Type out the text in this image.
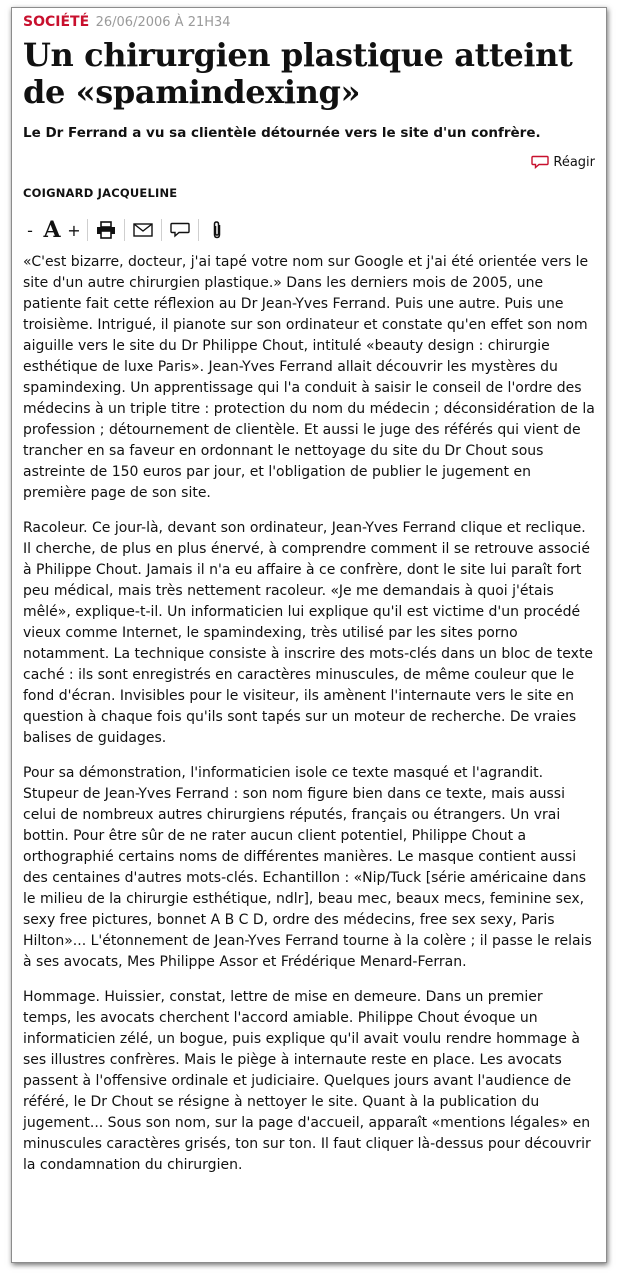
SOCIÉTÉ 26/06/2006 À 21H34
Un chirurgien plastique atteint de «spamindexing»
Le Dr Ferrand a vu sa clientèle détournée vers le site d'un confrère.
Réagir
COIGNARD JACQUELINE
- A +

«C'est bizarre, docteur, j'ai tapé votre nom sur Google et j'ai été orientée vers le site d'un autre chirurgien plastique.» Dans les derniers mois de 2005, une patiente fait cette réflexion au Dr Jean-Yves Ferrand. Puis une autre. Puis une troisième. Intrigué, il pianote sur son ordinateur et constate qu'en effet son nom aiguille vers le site du Dr Philippe Chout, intitulé «beauty design : chirurgie esthétique de luxe Paris». Jean-Yves Ferrand allait découvrir les mystères du spamindexing. Un apprentissage qui l'a conduit à saisir le conseil de l'ordre des médecins à un triple titre : protection du nom du médecin ; déconsidération de la profession ; détournement de clientèle. Et aussi le juge des référés qui vient de trancher en sa faveur en ordonnant le nettoyage du site du Dr Chout sous astreinte de 150 euros par jour, et l'obligation de publier le jugement en première page de son site.

Racoleur. Ce jour-là, devant son ordinateur, Jean-Yves Ferrand clique et reclique. Il cherche, de plus en plus énervé, à comprendre comment il se retrouve associé à Philippe Chout. Jamais il n'a eu affaire à ce confrère, dont le site lui paraît fort peu médical, mais très nettement racoleur. «Je me demandais à quoi j'étais mêlé», explique-t-il. Un informaticien lui explique qu'il est victime d'un procédé vieux comme Internet, le spamindexing, très utilisé par les sites porno notamment. La technique consiste à inscrire des mots-clés dans un bloc de texte caché : ils sont enregistrés en caractères minuscules, de même couleur que le fond d'écran. Invisibles pour le visiteur, ils amènent l'internaute vers le site en question à chaque fois qu'ils sont tapés sur un moteur de recherche. De vraies balises de guidages.

Pour sa démonstration, l'informaticien isole ce texte masqué et l'agrandit. Stupeur de Jean-Yves Ferrand : son nom figure bien dans ce texte, mais aussi celui de nombreux autres chirurgiens réputés, français ou étrangers. Un vrai bottin. Pour être sûr de ne rater aucun client potentiel, Philippe Chout a orthographié certains noms de différentes manières. Le masque contient aussi des centaines d'autres mots-clés. Echantillon : «Nip/Tuck [série américaine dans le milieu de la chirurgie esthétique, ndlr], beau mec, beaux mecs, feminine sex, sexy free pictures, bonnet A B C D, ordre des médecins, free sex sexy, Paris Hilton»... L'étonnement de Jean-Yves Ferrand tourne à la colère ; il passe le relais à ses avocats, Mes Philippe Assor et Frédérique Menard-Ferran.

Hommage. Huissier, constat, lettre de mise en demeure. Dans un premier temps, les avocats cherchent l'accord amiable. Philippe Chout évoque un informaticien zélé, un bogue, puis explique qu'il avait voulu rendre hommage à ses illustres confrères. Mais le piège à internaute reste en place. Les avocats passent à l'offensive ordinale et judiciaire. Quelques jours avant l'audience de référé, le Dr Chout se résigne à nettoyer le site. Quant à la publication du jugement... Sous son nom, sur la page d'accueil, apparaît «mentions légales» en minuscules caractères grisés, ton sur ton. Il faut cliquer là-dessus pour découvrir la condamnation du chirurgien.
